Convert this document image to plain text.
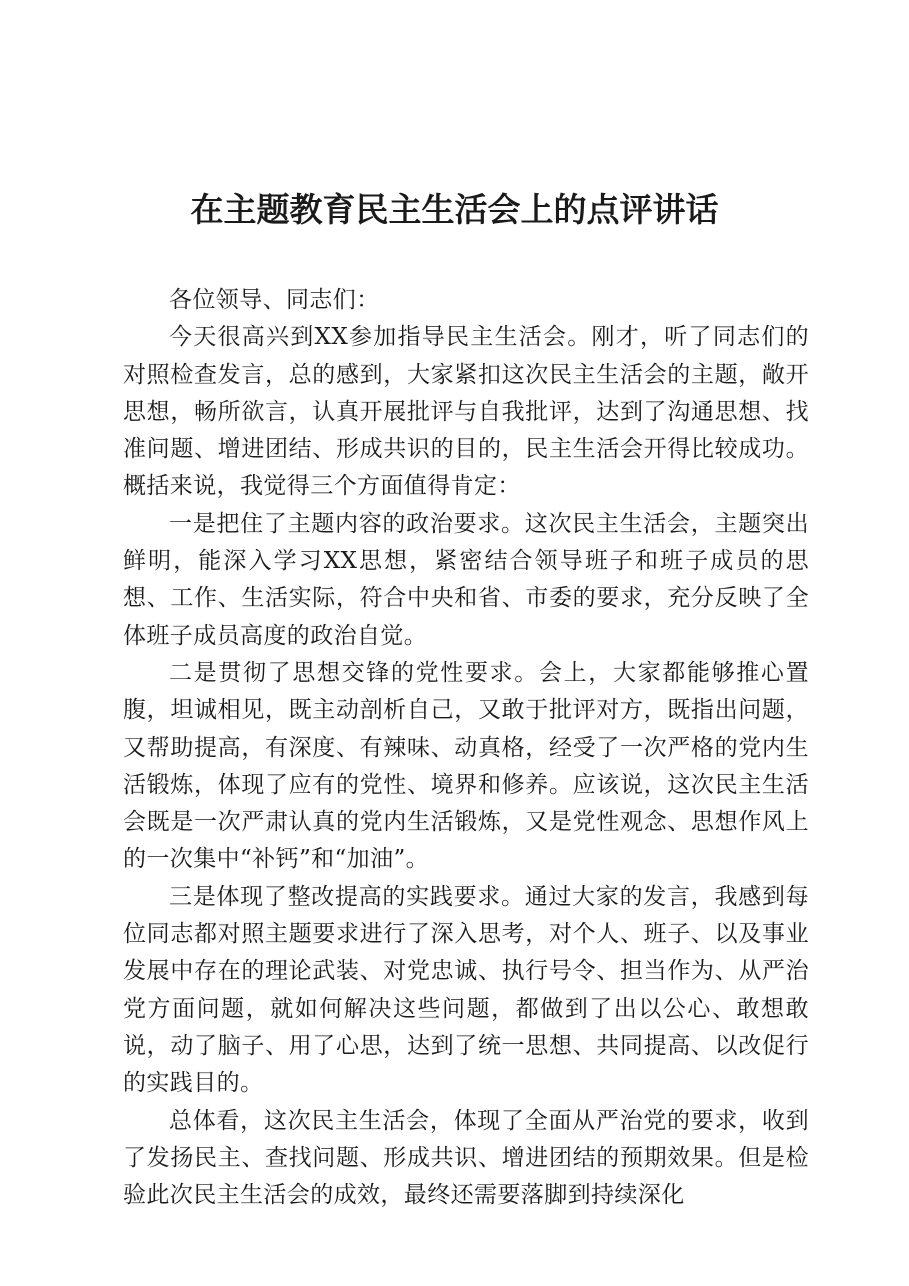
在主题教育民主生活会上的点评讲话

各位领导、同志们：

今天很高兴到XX参加指导民主生活会。刚才，听了同志们的对照检查发言，总的感到，大家紧扣这次民主生活会的主题，敞开思想，畅所欲言，认真开展批评与自我批评，达到了沟通思想、找准问题、增进团结、形成共识的目的，民主生活会开得比较成功。概括来说，我觉得三个方面值得肯定：

一是把住了主题内容的政治要求。这次民主生活会，主题突出鲜明，能深入学习XX思想，紧密结合领导班子和班子成员的思想、工作、生活实际，符合中央和省、市委的要求，充分反映了全体班子成员高度的政治自觉。

二是贯彻了思想交锋的党性要求。会上，大家都能够推心置腹，坦诚相见，既主动剖析自己，又敢于批评对方，既指出问题，又帮助提高，有深度、有辣味、动真格，经受了一次严格的党内生活锻炼，体现了应有的党性、境界和修养。应该说，这次民主生活会既是一次严肃认真的党内生活锻炼，又是党性观念、思想作风上的一次集中“补钙”和“加油”。

三是体现了整改提高的实践要求。通过大家的发言，我感到每位同志都对照主题要求进行了深入思考，对个人、班子、以及事业发展中存在的理论武装、对党忠诚、执行号令、担当作为、从严治党方面问题，就如何解决这些问题，都做到了出以公心、敢想敢说，动了脑子、用了心思，达到了统一思想、共同提高、以改促行的实践目的。

总体看，这次民主生活会，体现了全面从严治党的要求，收到了发扬民主、查找问题、形成共识、增进团结的预期效果。但是检验此次民主生活会的成效，最终还需要落脚到持续深化
